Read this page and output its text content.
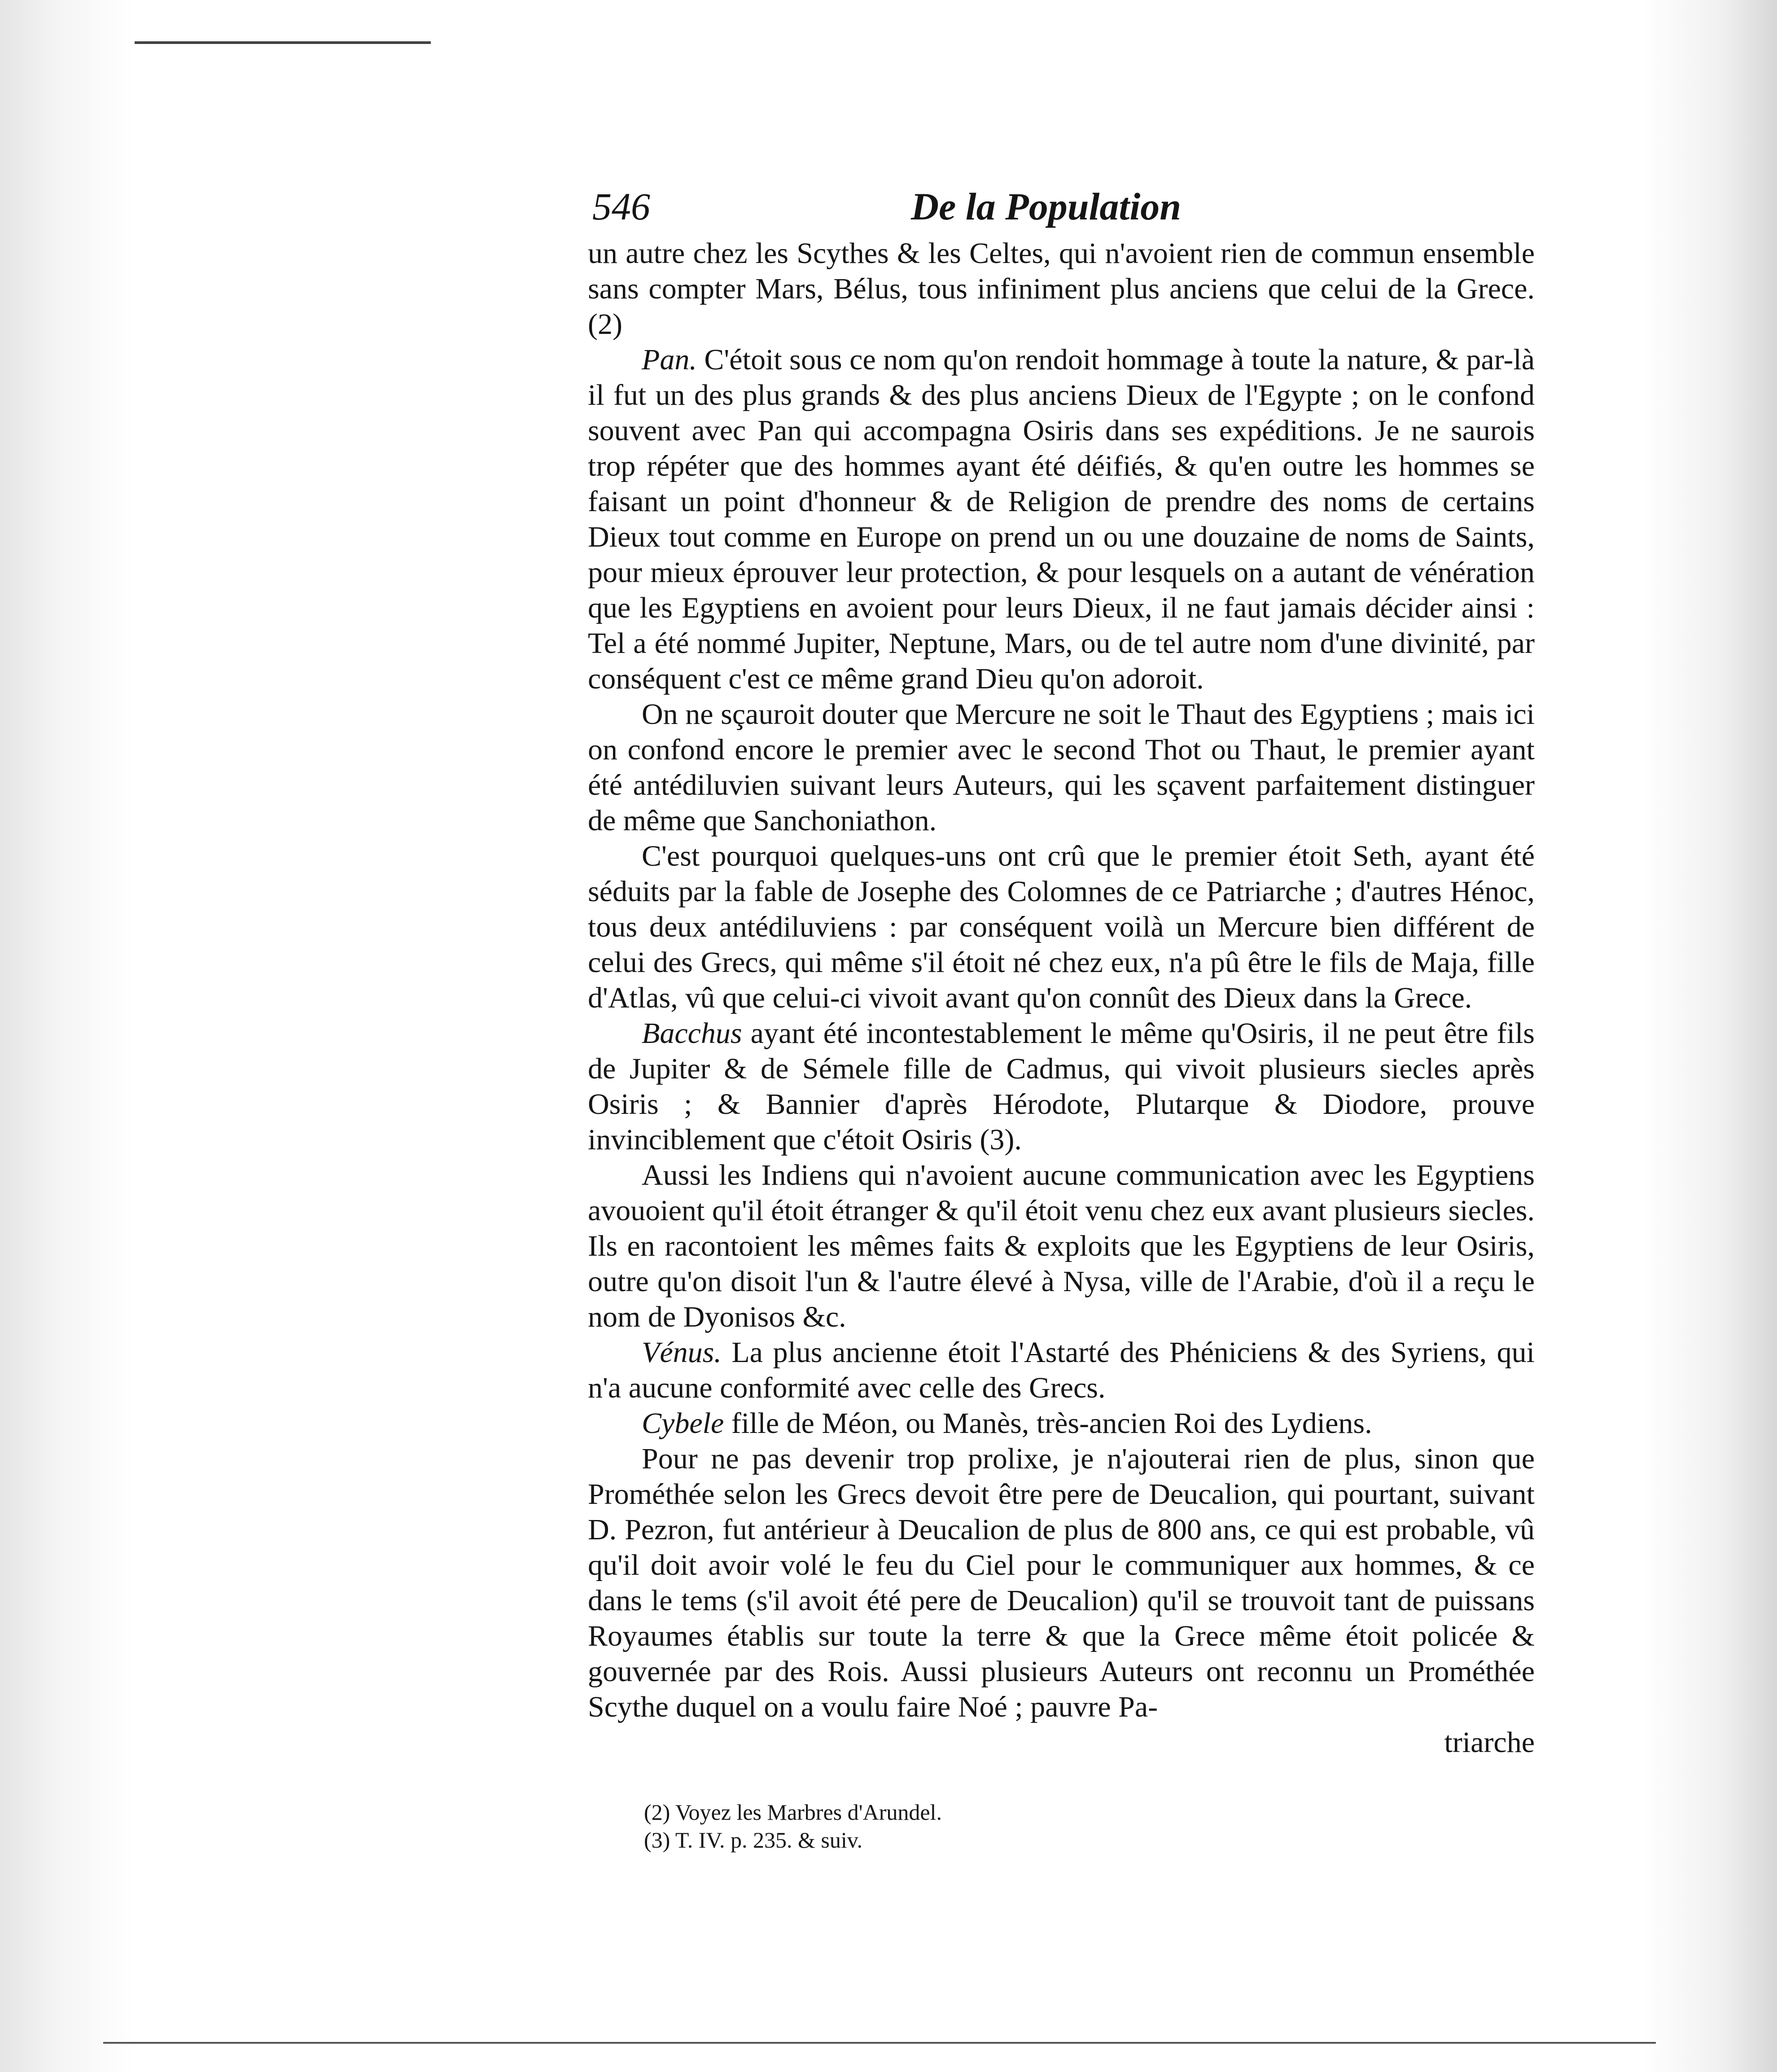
546	De la Population

un autre chez les Scythes & les Celtes, qui n'avoient rien de commun ensemble sans compter Mars, Bélus, tous infiniment plus anciens que celui de la Grece. (2)

Pan. C'étoit sous ce nom qu'on rendoit hommage à toute la nature, & par-là il fut un des plus grands & des plus anciens Dieux de l'Egypte ; on le confond souvent avec Pan qui accompagna Osiris dans ses expéditions. Je ne saurois trop répéter que des hommes ayant été déifiés, & qu'en outre les hommes se faisant un point d'honneur & de Religion de prendre des noms de certains Dieux tout comme en Europe on prend un ou une douzaine de noms de Saints, pour mieux éprouver leur protection, & pour lesquels on a autant de vénération que les Egyptiens en avoient pour leurs Dieux, il ne faut jamais décider ainsi : Tel a été nommé Jupiter, Neptune, Mars, ou de tel autre nom d'une divinité, par conséquent c'est ce même grand Dieu qu'on adoroit.

On ne sçauroit douter que Mercure ne soit le Thaut des Egyptiens ; mais ici on confond encore le premier avec le second Thot ou Thaut, le premier ayant été antédiluvien suivant leurs Auteurs, qui les sçavent parfaitement distinguer de même que Sanchoniathon.

C'est pourquoi quelques-uns ont crû que le premier étoit Seth, ayant été séduits par la fable de Josephe des Colomnes de ce Patriarche ; d'autres Hénoc, tous deux antédiluviens : par conséquent voilà un Mercure bien différent de celui des Grecs, qui même s'il étoit né chez eux, n'a pû être le fils de Maja, fille d'Atlas, vû que celui-ci vivoit avant qu'on connût des Dieux dans la Grece.

Bacchus ayant été incontestablement le même qu'Osiris, il ne peut être fils de Jupiter & de Sémele fille de Cadmus, qui vivoit plusieurs siecles après Osiris ; & Bannier d'après Hérodote, Plutarque & Diodore, prouve invinciblement que c'étoit Osiris (3).

Aussi les Indiens qui n'avoient aucune communication avec les Egyptiens avouoient qu'il étoit étranger & qu'il étoit venu chez eux avant plusieurs siecles. Ils en racontoient les mêmes faits & exploits que les Egyptiens de leur Osiris, outre qu'on disoit l'un & l'autre élevé à Nysa, ville de l'Arabie, d'où il a reçu le nom de Dyonisos &c.

Vénus. La plus ancienne étoit l'Astarté des Phéniciens & des Syriens, qui n'a aucune conformité avec celle des Grecs.

Cybele fille de Méon, ou Manès, très-ancien Roi des Lydiens.

Pour ne pas devenir trop prolixe, je n'ajouterai rien de plus, sinon que Prométhée selon les Grecs devoit être pere de Deucalion, qui pourtant, suivant D. Pezron, fut antérieur à Deucalion de plus de 800 ans, ce qui est probable, vû qu'il doit avoir volé le feu du Ciel pour le communiquer aux hommes, & ce dans le tems (s'il avoit été pere de Deucalion) qu'il se trouvoit tant de puissans Royaumes établis sur toute la terre & que la Grece même étoit policée & gouvernée par des Rois. Aussi plusieurs Auteurs ont reconnu un Prométhée Scythe duquel on a voulu faire Noé ; pauvre Pa-

triarche
(2) Voyez les Marbres d'Arundel.
(3) T. IV. p. 235. & suiv.
